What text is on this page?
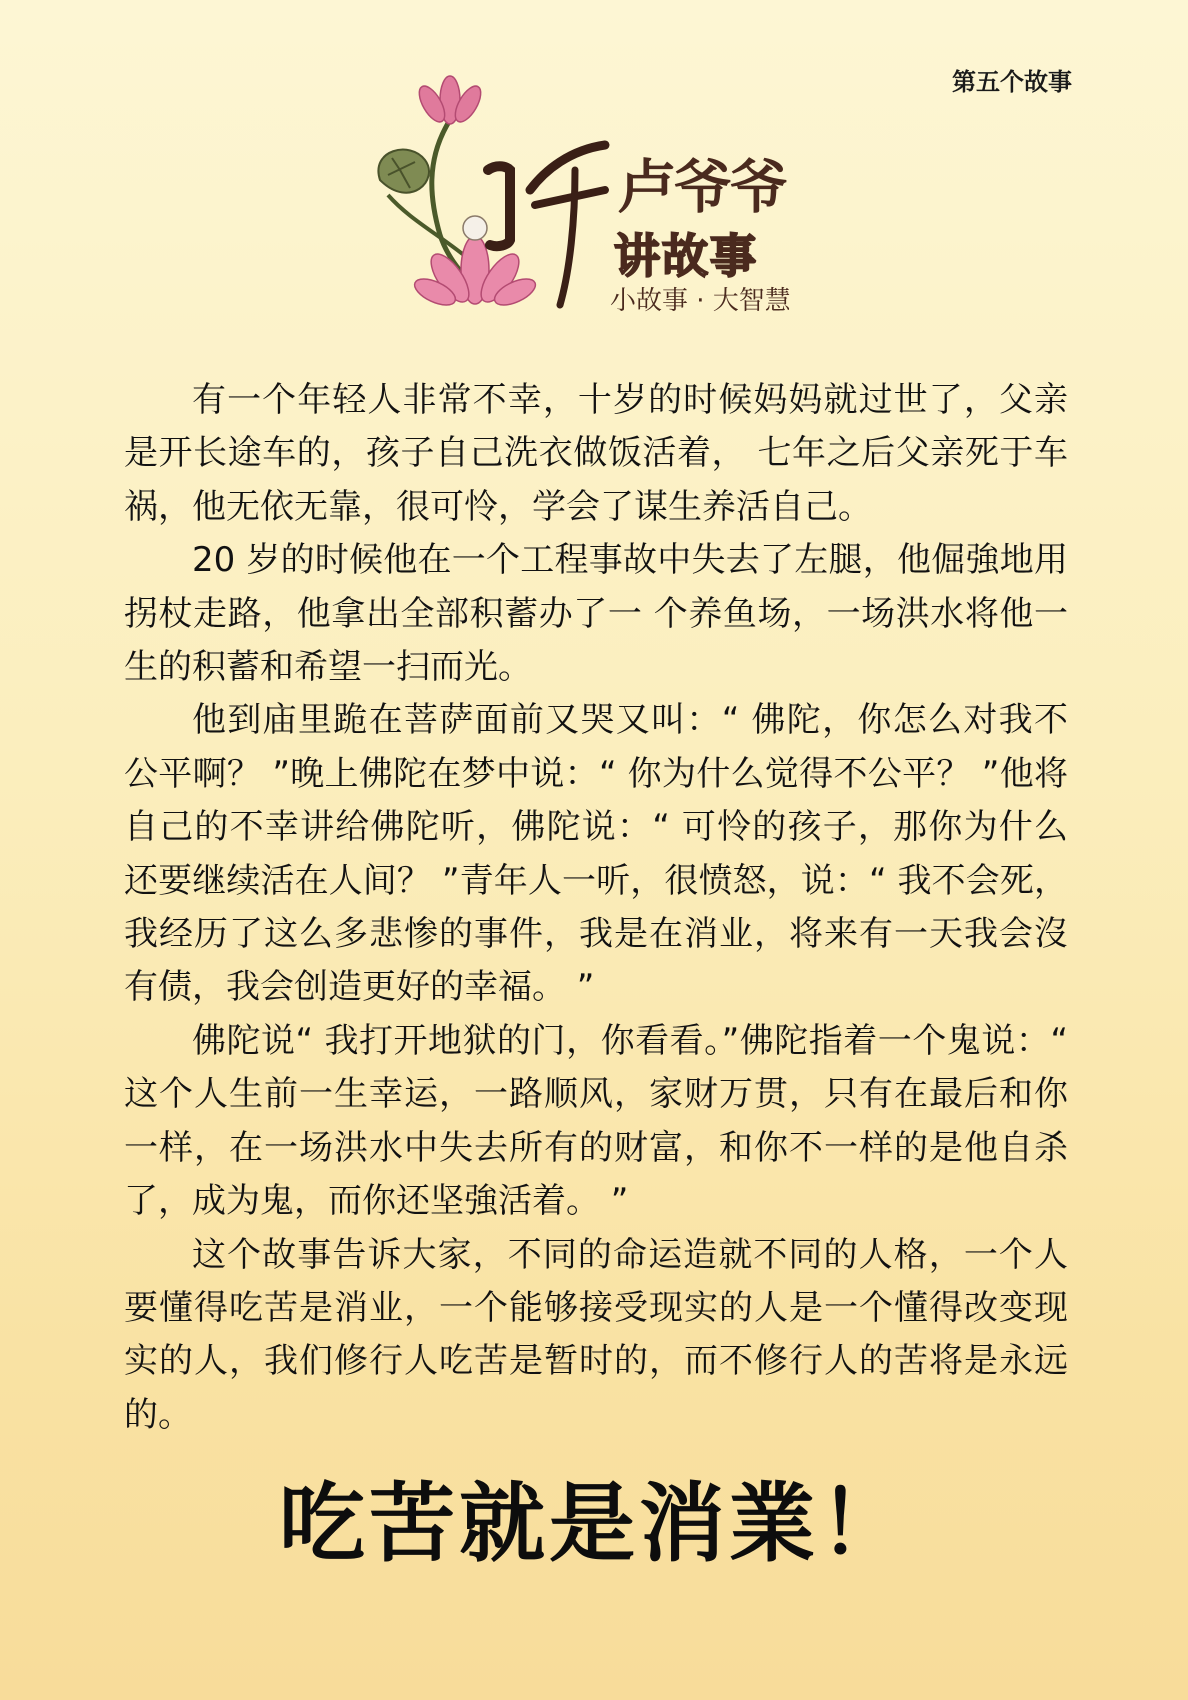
第五个故事
卢爷爷
讲故事
小故事 · 大智慧

有一个年轻人非常不幸，十岁的时候妈妈就过世了，父亲是开长途车的，孩子自己洗衣做饭活着， 七年之后父亲死于车祸，他无依无靠，很可怜，学会了谋生养活自己。

20 岁的时候他在一个工程事故中失去了左腿，他倔強地用拐杖走路，他拿出全部积蓄办了一 个养鱼场，一场洪水将他一生的积蓄和希望一扫而光。

他到庙里跪在菩萨面前又哭又叫：“ 佛陀，你怎么对我不公平啊？ ”晚上佛陀在梦中说：“ 你为什么觉得不公平？ ”他将自己的不幸讲给佛陀听，佛陀说：“ 可怜的孩子，那你为什么还要继续活在人间？ ”青年人一听，很愤怒，说：“ 我不会死，我经历了这么多悲惨的事件，我是在消业，将来有一天我会沒有债，我会创造更好的幸福。 ”

佛陀说“ 我打开地狱的门，你看看。”佛陀指着一个鬼说：“ 这个人生前一生幸运，一路顺风，家财万贯，只有在最后和你一样，在一场洪水中失去所有的财富，和你不一样的是他自杀了，成为鬼，而你还坚強活着。 ”

这个故事告诉大家，不同的命运造就不同的人格，一个人要懂得吃苦是消业，一个能够接受现实的人是一个懂得改变现实的人，我们修行人吃苦是暂时的，而不修行人的苦将是永远的。

吃苦就是消業！
